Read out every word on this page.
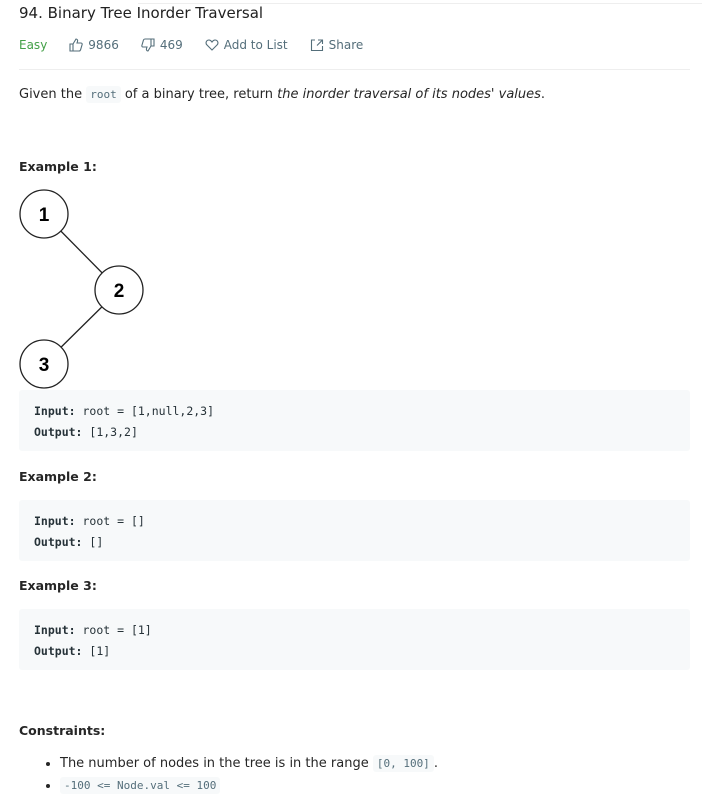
94. Binary Tree Inorder Traversal
Easy	9866	469	Add to List	Share
Given the root of a binary tree, return the inorder traversal of its nodes' values.
Example 1:
1
2
3
Input: root = [1,null,2,3]
Output: [1,3,2]
Example 2:
Input: root = []
Output: []
Example 3:
Input: root = [1]
Output: [1]
Constraints:
• The number of nodes in the tree is in the range [0, 100] .
• -100 <= Node.val <= 100
